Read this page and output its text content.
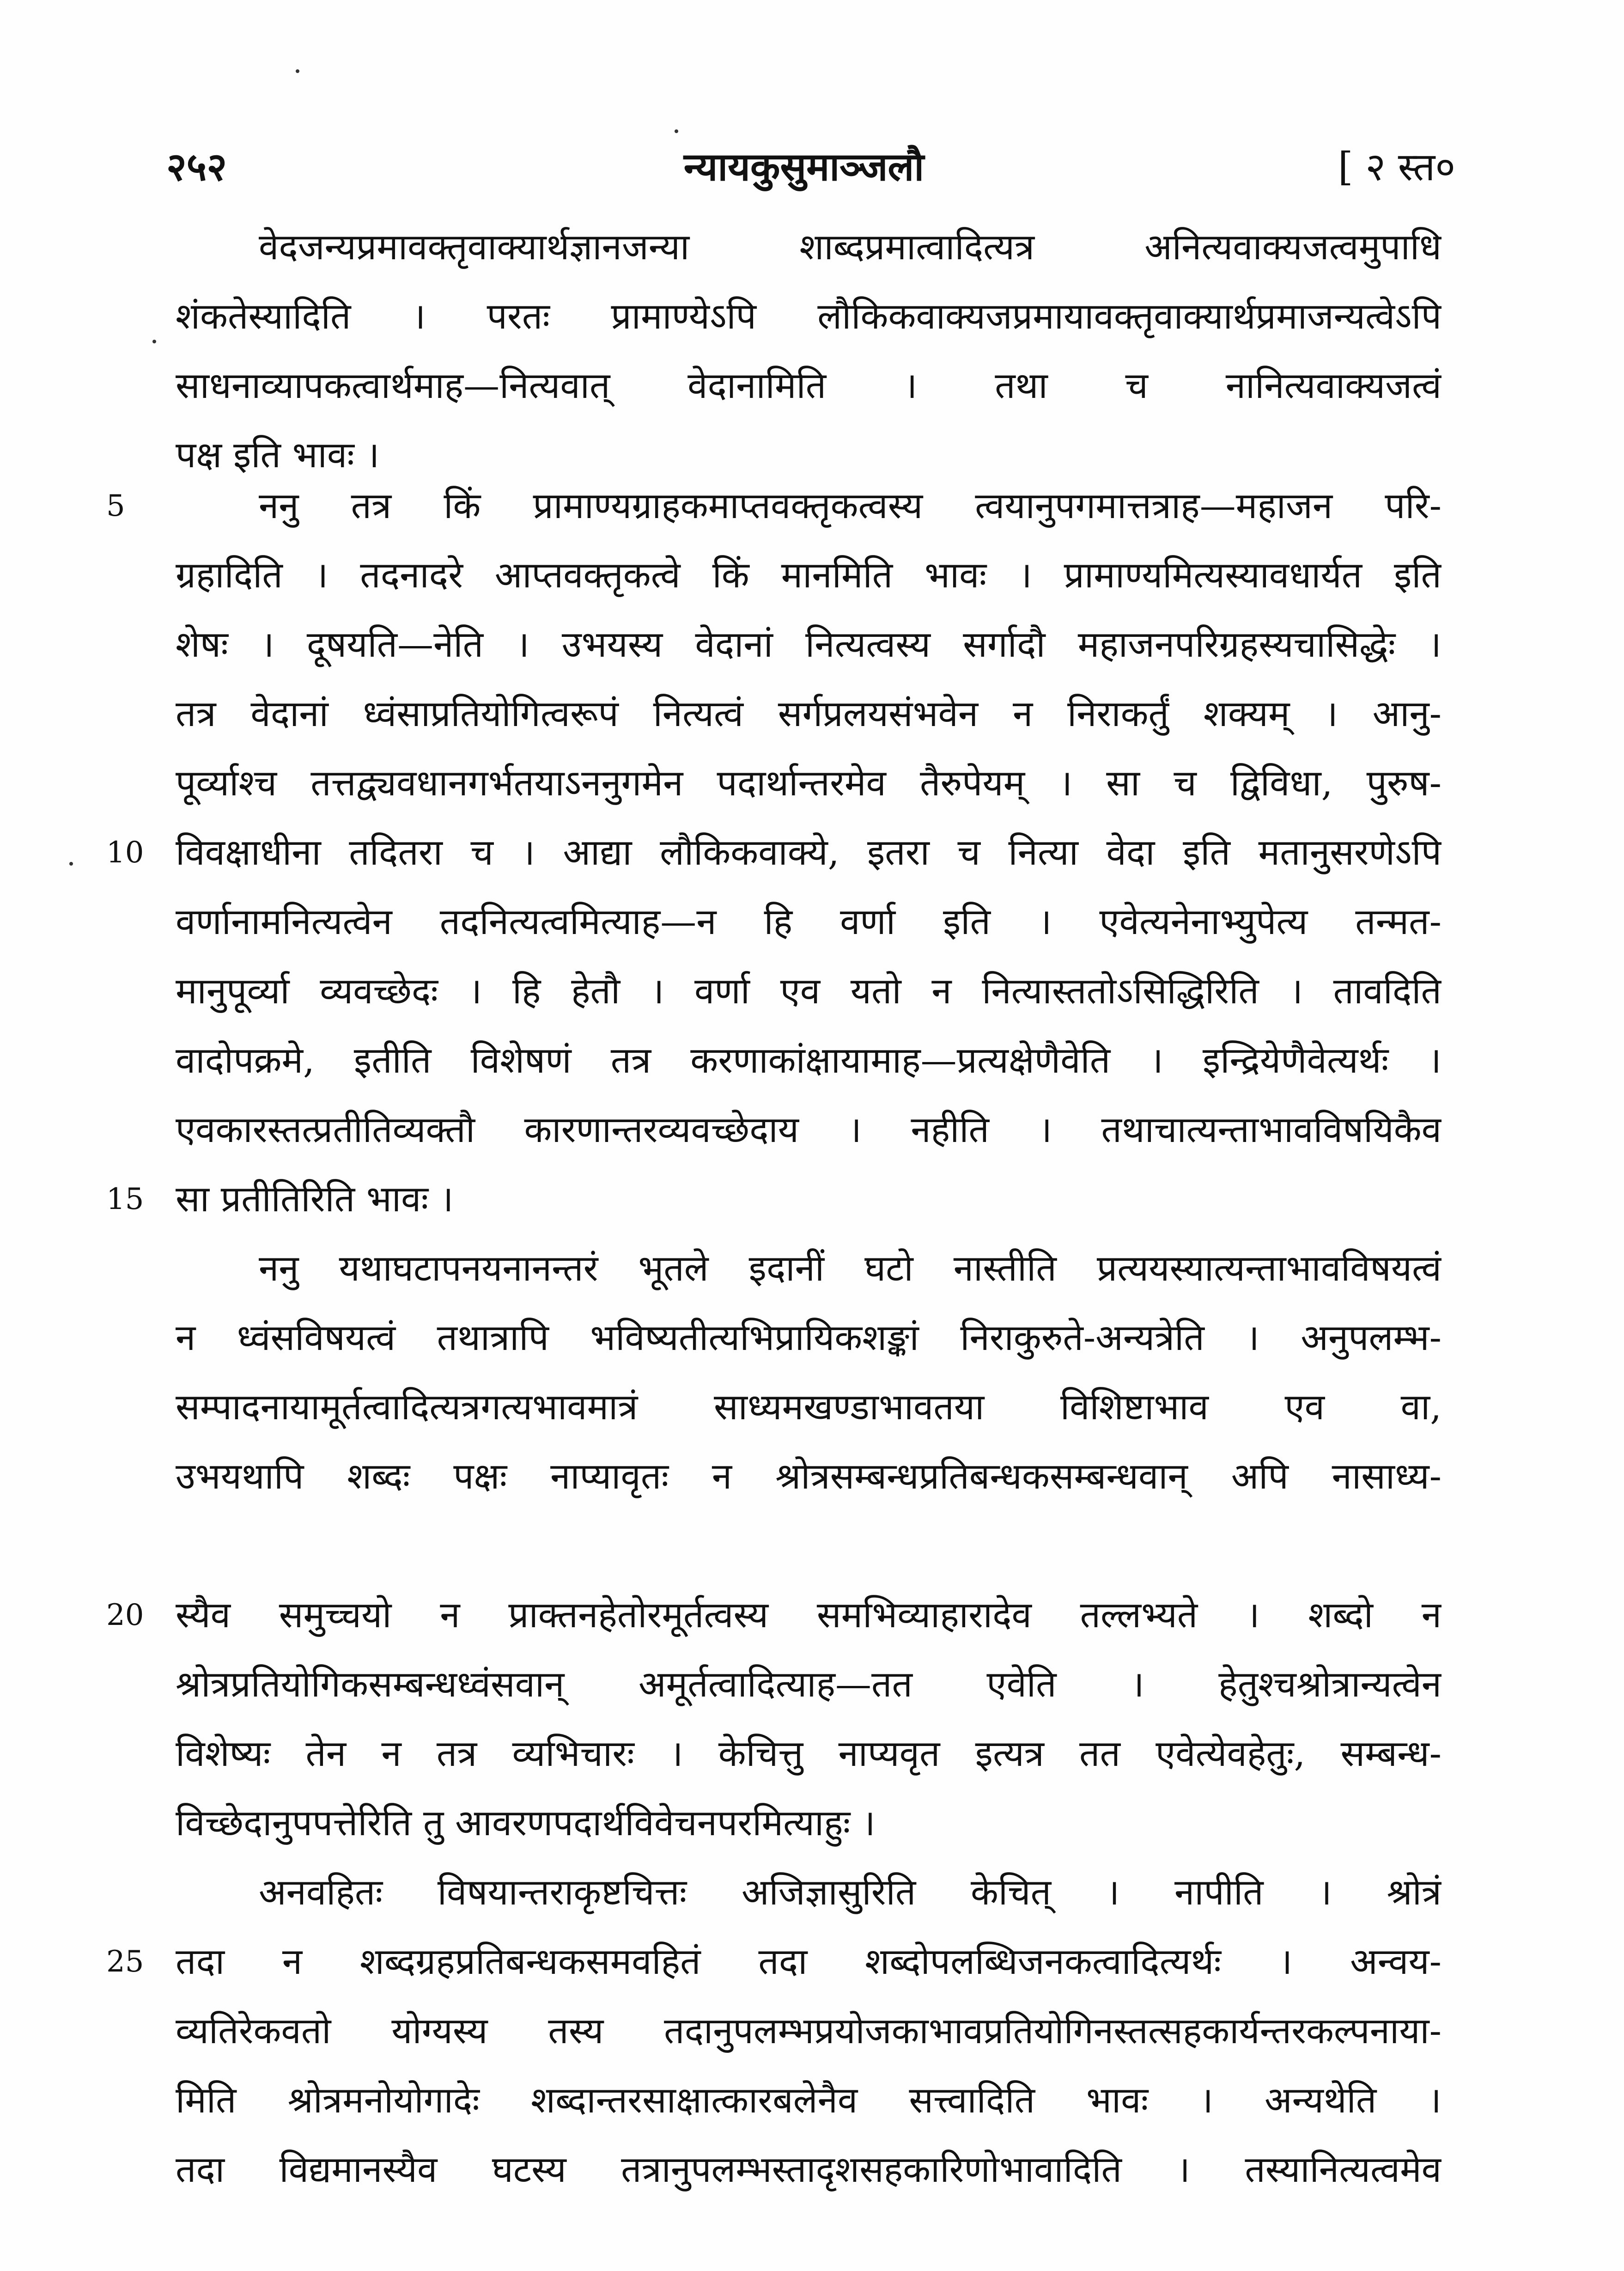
२५२	न्यायकुसुमाञ्जलौ	[ २ स्त०
5
10
15
20
25
वेदजन्यप्रमावक्तृवाक्यार्थज्ञानजन्या शाब्दप्रमात्वादित्यत्र अनित्यवाक्यजत्वमुपाधि
शंकतेस्यादिति । परतः प्रामाण्येऽपि लौकिकवाक्यजप्रमायावक्तृवाक्यार्थप्रमाजन्यत्वेऽपि
साधनाव्यापकत्वार्थमाह—नित्यवात् वेदानामिति । तथा च नानित्यवाक्यजत्वं
पक्ष इति भावः ।
ननु तत्र किं प्रामाण्यग्राहकमाप्तवक्तृकत्वस्य त्वयानुपगमात्तत्राह—महाजन परि-
ग्रहादिति । तदनादरे आप्तवक्तृकत्वे किं मानमिति भावः । प्रामाण्यमित्यस्यावधार्यत इति
शेषः । दूषयति—नेति । उभयस्य वेदानां नित्यत्वस्य सर्गादौ महाजनपरिग्रहस्यचासिद्धेः ।
तत्र वेदानां ध्वंसाप्रतियोगित्वरूपं नित्यत्वं सर्गप्रलयसंभवेन न निराकर्तुं शक्यम् । आनु-
पूर्व्याश्च तत्तद्व्यवधानगर्भतयाऽननुगमेन पदार्थान्तरमेव तैरुपेयम् । सा च द्विविधा, पुरुष-
विवक्षाधीना तदितरा च । आद्या लौकिकवाक्ये, इतरा च नित्या वेदा इति मतानुसरणेऽपि
वर्णानामनित्यत्वेन तदनित्यत्वमित्याह—न हि वर्णा इति । एवेत्यनेनाभ्युपेत्य तन्मत-
मानुपूर्व्या व्यवच्छेदः । हि हेतौ । वर्णा एव यतो न नित्यास्ततोऽसिद्धिरिति । तावदिति
वादोपक्रमे, इतीति विशेषणं तत्र करणाकांक्षायामाह—प्रत्यक्षेणैवेति । इन्द्रियेणैवेत्यर्थः ।
एवकारस्तत्प्रतीतिव्यक्तौ कारणान्तरव्यवच्छेदाय । नहीति । तथाचात्यन्ताभावविषयिकैव
सा प्रतीतिरिति भावः ।
ननु यथाघटापनयनानन्तरं भूतले इदानीं घटो नास्तीति प्रत्ययस्यात्यन्ताभावविषयत्वं
न ध्वंसविषयत्वं तथात्रापि भविष्यतीत्यभिप्रायिकशङ्कां निराकुरुते-अन्यत्रेति । अनुपलम्भ-
सम्पादनायामूर्तत्वादित्यत्रगत्यभावमात्रं साध्यमखण्डाभावतया विशिष्टाभाव एव वा,
उभयथापि शब्दः पक्षः नाप्यावृतः न श्रोत्रसम्बन्धप्रतिबन्धकसम्बन्धवान् अपि नासाध्य-
स्यैव समुच्चयो न प्राक्तनहेतोरमूर्तत्वस्य समभिव्याहारादेव तल्लभ्यते । शब्दो न
श्रोत्रप्रतियोगिकसम्बन्धध्वंसवान् अमूर्तत्वादित्याह—तत एवेति । हेतुश्चश्रोत्रान्यत्वेन
विशेष्यः तेन न तत्र व्यभिचारः । केचित्तु नाप्यवृत इत्यत्र तत एवेत्येवहेतुः, सम्बन्ध-
विच्छेदानुपपत्तेरिति तु आवरणपदार्थविवेचनपरमित्याहुः ।
अनवहितः विषयान्तराकृष्टचित्तः अजिज्ञासुरिति केचित् । नापीति । श्रोत्रं
तदा न शब्दग्रहप्रतिबन्धकसमवहितं तदा शब्दोपलब्धिजनकत्वादित्यर्थः । अन्वय-
व्यतिरेकवतो योग्यस्य तस्य तदानुपलम्भप्रयोजकाभावप्रतियोगिनस्तत्सहकार्यन्तरकल्पनाया-
मिति श्रोत्रमनोयोगादेः शब्दान्तरसाक्षात्कारबलेनैव सत्त्वादिति भावः । अन्यथेति ।
तदा विद्यमानस्यैव घटस्य तत्रानुपलम्भस्तादृशसहकारिणोभावादिति । तस्यानित्यत्वमेव
